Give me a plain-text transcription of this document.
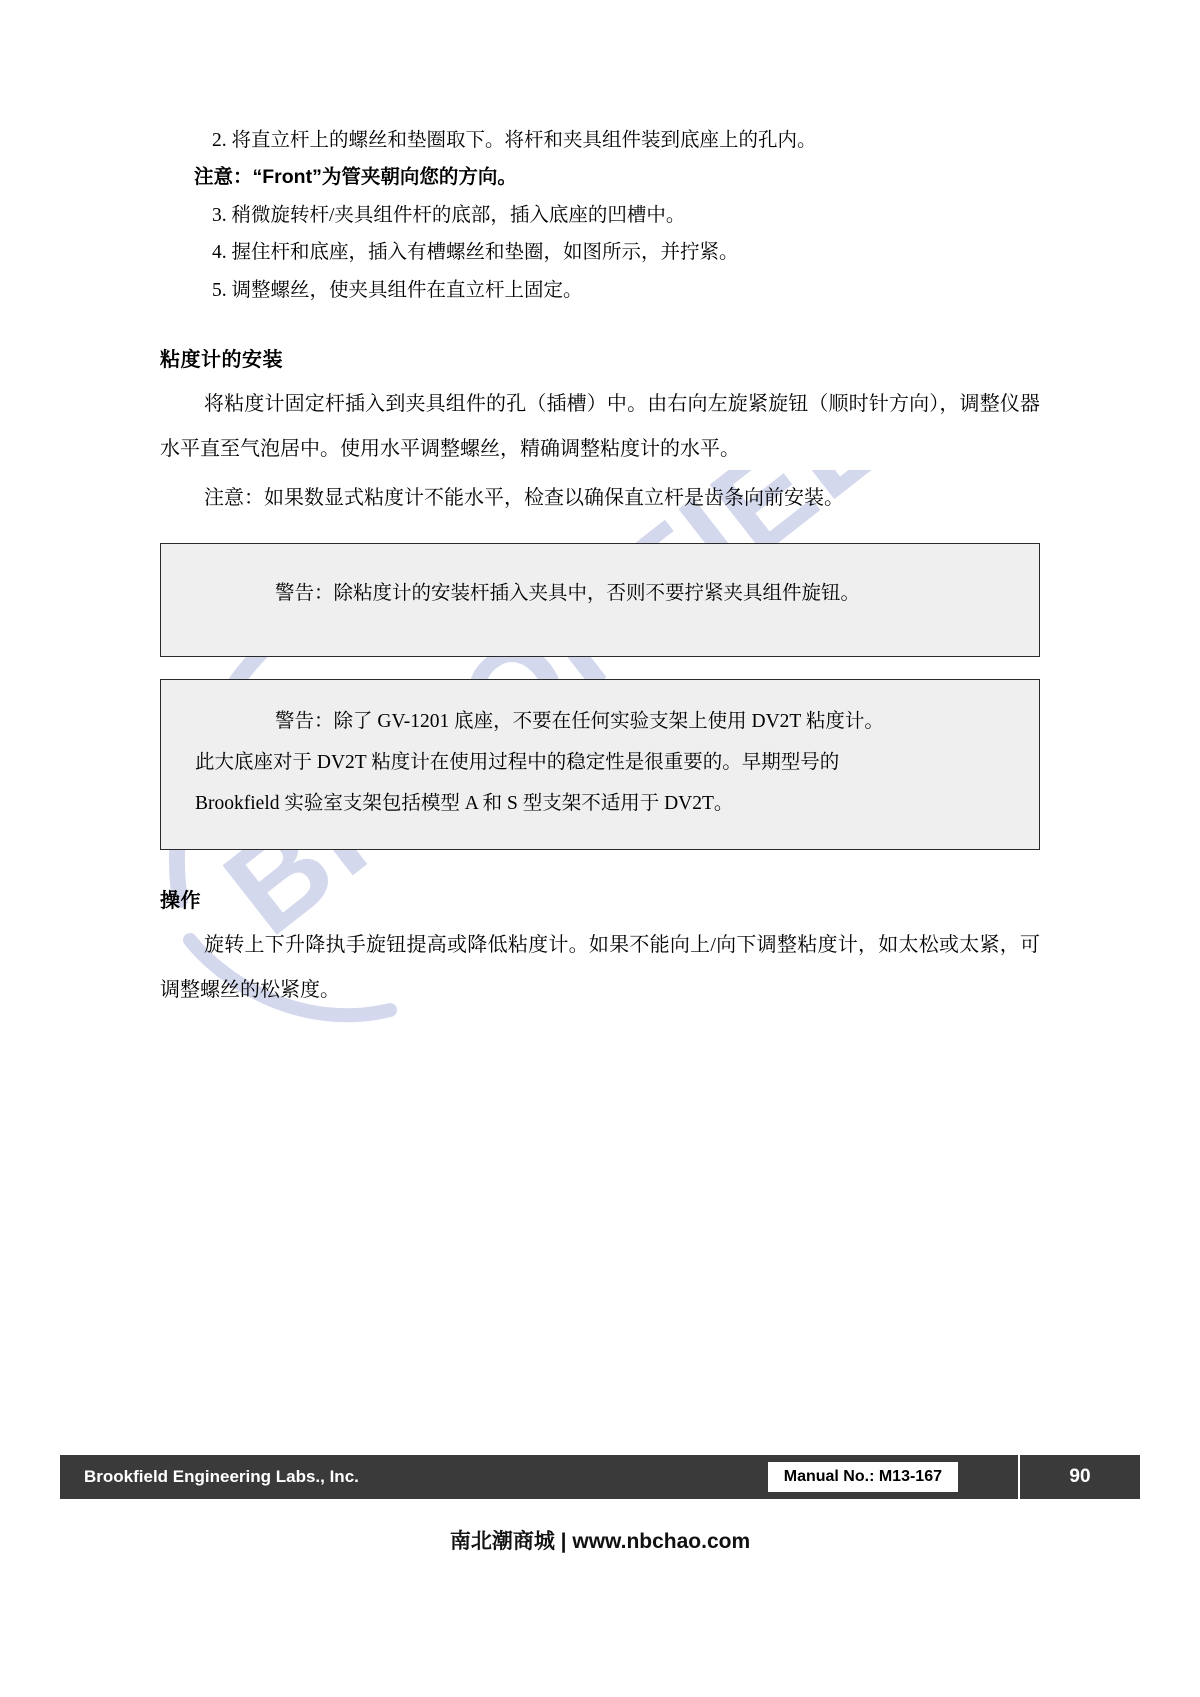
2. 将直立杆上的螺丝和垫圈取下。将杆和夹具组件装到底座上的孔内。

注意：“Front”为管夹朝向您的方向。

3. 稍微旋转杆/夹具组件杆的底部，插入底座的凹槽中。

4. 握住杆和底座，插入有槽螺丝和垫圈，如图所示，并拧紧。

5. 调整螺丝，使夹具组件在直立杆上固定。

粘度计的安装

将粘度计固定杆插入到夹具组件的孔（插槽）中。由右向左旋紧旋钮（顺时针方向），调整仪器水平直至气泡居中。使用水平调整螺丝，精确调整粘度计的水平。

注意：如果数显式粘度计不能水平，检查以确保直立杆是齿条向前安装。

警告：除粘度计的安装杆插入夹具中，否则不要拧紧夹具组件旋钮。

警告：除了 GV-1201 底座，不要在任何实验支架上使用 DV2T 粘度计。

此大底座对于 DV2T 粘度计在使用过程中的稳定性是很重要的。早期型号的

Brookfield 实验室支架包括模型 A 和 S 型支架不适用于 DV2T。

操作

旋转上下升降执手旋钮提高或降低粘度计。如果不能向上/向下调整粘度计，如太松或太紧，可调整螺丝的松紧度。

Brookfield Engineering Labs., Inc.	Manual No.: M13-167	90
南北潮商城 | www.nbchao.com
